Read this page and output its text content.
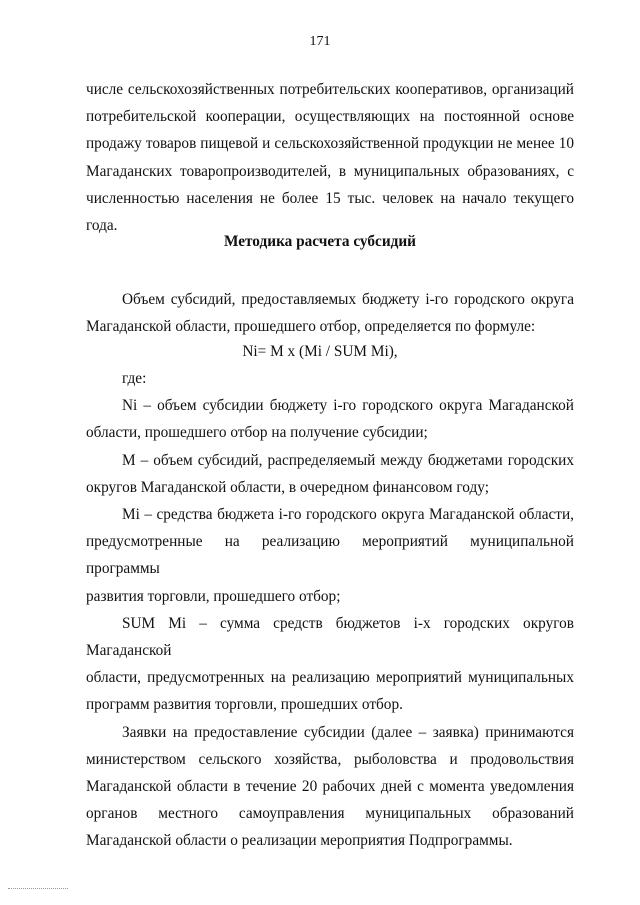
171

числе сельскохозяйственных потребительских кооперативов, организаций

потребительской кооперации, осуществляющих на постоянной основе

продажу товаров пищевой и сельскохозяйственной продукции не менее 10

Магаданских товаропроизводителей, в муниципальных образованиях, с

численностью населения не более 15 тыс. человек на начало текущего года.

Методика расчета субсидий

Объем субсидий, предоставляемых бюджету i-го городского округа

Магаданской области, прошедшего отбор, определяется по формуле:

Ni= M x (Mi / SUM Mi),

где:

Ni – объем субсидии бюджету i-го городского округа Магаданской

области, прошедшего отбор на получение субсидии;

M – объем субсидий, распределяемый между бюджетами городских

округов Магаданской области, в очередном финансовом году;

Mi – средства бюджета i-го городского округа Магаданской области,

предусмотренные на реализацию мероприятий муниципальной программы

развития торговли, прошедшего отбор;

SUM Mi – сумма средств бюджетов i-х городских округов Магаданской

области, предусмотренных на реализацию мероприятий муниципальных

программ развития торговли, прошедших отбор.

Заявки на предоставление субсидии (далее – заявка) принимаются

министерством сельского хозяйства, рыболовства и продовольствия

Магаданской области в течение 20 рабочих дней с момента уведомления

органов местного самоуправления муниципальных образований

Магаданской области о реализации мероприятия Подпрограммы.
